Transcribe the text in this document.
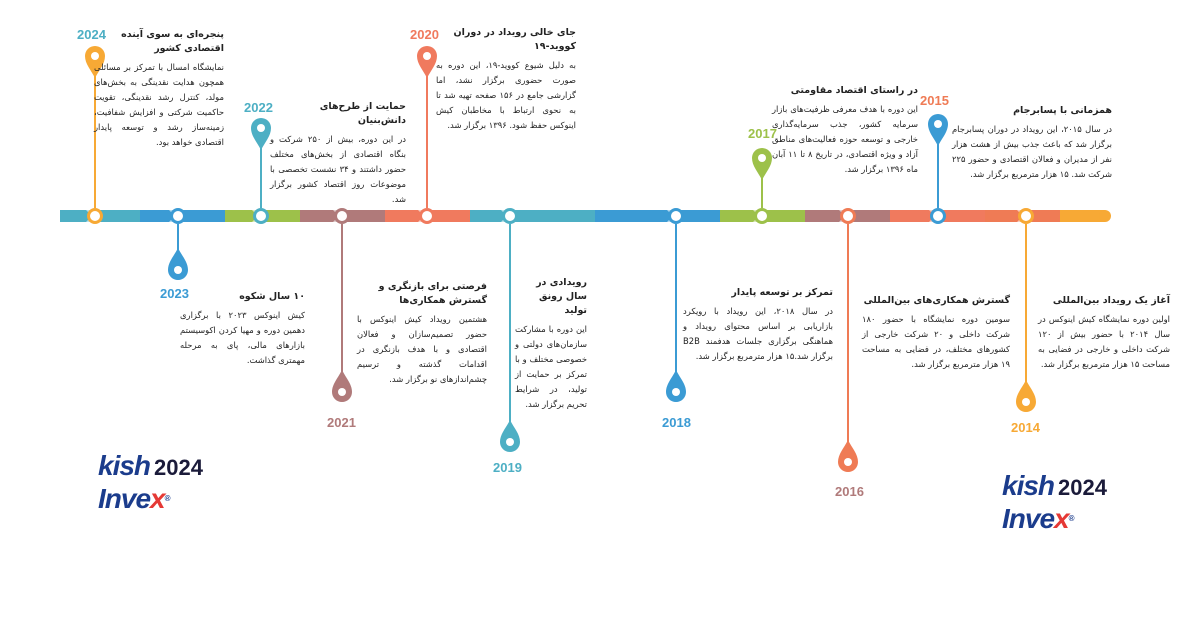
پنجره‌ای به سوی آینده اقتصادی کشور
نمایشگاه امسال با تمرکز بر مسائلی همچون هدایت نقدینگی به بخش‌های مولد، کنترل رشد نقدینگی، تقویت حاکمیت شرکتی و افزایش شفافیت، زمینه‌ساز رشد و توسعه پایدار اقتصادی خواهد بود.
۱۰ سال شکوه
کیش اینوکس ۲۰۲۳ با برگزاری دهمین دوره و مهیا کردن اکوسیستم بازارهای مالی، پای به مرحله مهمتری گذاشت.
حمایت از طرح‌های دانش‌بنیان
در این دوره، بیش از ۲۵۰ شرکت و بنگاه اقتصادی از بخش‌های مختلف حضور داشتند و ۳۴ نشست تخصصی با موضوعات روز اقتصاد کشور برگزار شد.
فرصتی برای بازنگری و گسترش همکاری‌ها
هشتمین رویداد کیش اینوکس با حضور تصمیم‌سازان و فعالان اقتصادی و با هدف بازنگری در اقدامات گذشته و ترسیم چشم‌اندازهای نو برگزار شد.
جای خالی رویداد در دوران کووید-۱۹
به دلیل شیوع کووید-۱۹، این دوره به صورت حضوری برگزار نشد، اما گزارشی جامع در ۱۵۶ صفحه تهیه شد تا به نحوی ارتباط با مخاطبان کیش اینوکس حفظ شود. ۱۳۹۶ برگزار شد.
رویدادی در سال رونق تولید
این دوره با مشارکت سازمان‌های دولتی و خصوصی مختلف و با تمرکز بر حمایت از تولید، در شرایط تحریم برگزار شد.
تمرکز بر توسعه پایدار
در سال ۲۰۱۸، این رویداد با رویکرد بازاریابی بر اساس محتوای رویداد و هماهنگی برگزاری جلسات هدفمند B2B برگزار شد.۱۵ هزار مترمربع برگزار شد.
در راستای اقتصاد مقاومتی
این دوره با هدف معرفی ظرفیت‌های بازار سرمایه کشور، جذب سرمایه‌گذاری خارجی و توسعه حوزه فعالیت‌های مناطق آزاد و ویژه اقتصادی، در تاریخ ۸ تا ۱۱ آبان ماه ۱۳۹۶ برگزار شد.
گسترش همکاری‌های بین‌المللی
سومین دوره نمایشگاه با حضور ۱۸۰ شرکت داخلی و ۲۰ شرکت خارجی از کشورهای مختلف، در فضایی به مساحت ۱۹ هزار مترمربع برگزار شد.
همزمانی با پسابرجام
در سال ۲۰۱۵، این رویداد در دوران پسابرجام برگزار شد که باعث جذب بیش از هشت هزار نفر از مدیران و فعالان اقتصادی و حضور ۲۲۵ شرکت شد. ۱۵ هزار مترمربع برگزار شد.
آغاز یک رویداد بین‌المللی
اولین دوره نمایشگاه کیش اینوکس در سال ۲۰۱۴ با حضور بیش از ۱۲۰ شرکت داخلی و خارجی در فضایی به مساحت ۱۵ هزار مترمربع برگزار شد.
2024
2023
2022
2021
2020
2019
2018
2017
2016
2015
2014
kish 2024
Invex®	kish 2024
Invex®
